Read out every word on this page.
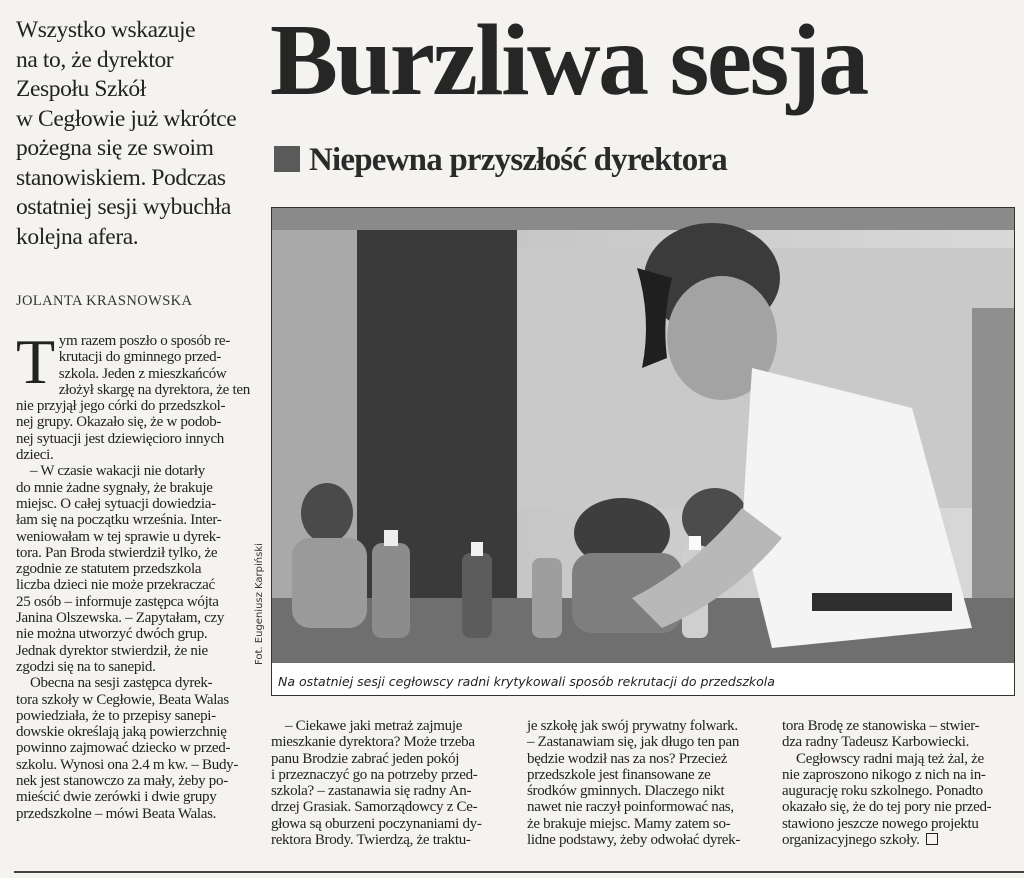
Wszystko wskazuje
na to, że dyrektor
Zespołu Szkół
w Cegłowie już wkrótce
pożegna się ze swoim
stanowiskiem. Podczas
ostatniej sesji wybuchła
kolejna afera.
Burzliwa sesja
Niepewna przyszłość dyrektora
JOLANTA KRASNOWSKA
T ym razem poszło o sposób re-
krutacji do gminnego przed-
szkola. Jeden z mieszkańców
złożył skargę na dyrektora, że ten
nie przyjął jego córki do przedszkol-
nej grupy. Okazało się, że w podob-
nej sytuacji jest dziewięcioro innych
dzieci.
– W czasie wakacji nie dotarły
do mnie żadne sygnały, że brakuje
miejsc. O całej sytuacji dowiedzia-
łam się na początku września. Inter-
weniowałam w tej sprawie u dyrek-
tora. Pan Broda stwierdził tylko, że
zgodnie ze statutem przedszkola
liczba dzieci nie może przekraczać
25 osób – informuje zastępca wójta
Janina Olszewska. – Zapytałam, czy
nie można utworzyć dwóch grup.
Jednak dyrektor stwierdził, że nie
zgodzi się na to sanepid.
Obecna na sesji zastępca dyrek-
tora szkoły w Cegłowie, Beata Walas
powiedziała, że to przepisy sanepi-
dowskie określają jaką powierzchnię
powinno zajmować dziecko w przed-
szkolu. Wynosi ona 2.4 m kw. – Budy-
nek jest stanowczo za mały, żeby po-
mieścić dwie zerówki i dwie grupy
przedszkolne – mówi Beata Walas.
Fot. Eugeniusz Karpiński
Na ostatniej sesji cegłowscy radni krytykowali sposób rekrutacji do przedszkola
– Ciekawe jaki metraż zajmuje
mieszkanie dyrektora? Może trzeba
panu Brodzie zabrać jeden pokój
i przeznaczyć go na potrzeby przed-
szkola? – zastanawia się radny An-
drzej Grasiak. Samorządowcy z Ce-
głowa są oburzeni poczynaniami dy-
rektora Brody. Twierdzą, że traktu-
je szkołę jak swój prywatny folwark.
– Zastanawiam się, jak długo ten pan
będzie wodził nas za nos? Przecież
przedszkole jest finansowane ze
środków gminnych. Dlaczego nikt
nawet nie raczył poinformować nas,
że brakuje miejsc. Mamy zatem so-
lidne podstawy, żeby odwołać dyrek-
tora Brodę ze stanowiska – stwier-
dza radny Tadeusz Karbowiecki.
Cegłowscy radni mają też żal, że
nie zaproszono nikogo z nich na in-
augurację roku szkolnego. Ponadto
okazało się, że do tej pory nie przed-
stawiono jeszcze nowego projektu
organizacyjnego szkoły.
